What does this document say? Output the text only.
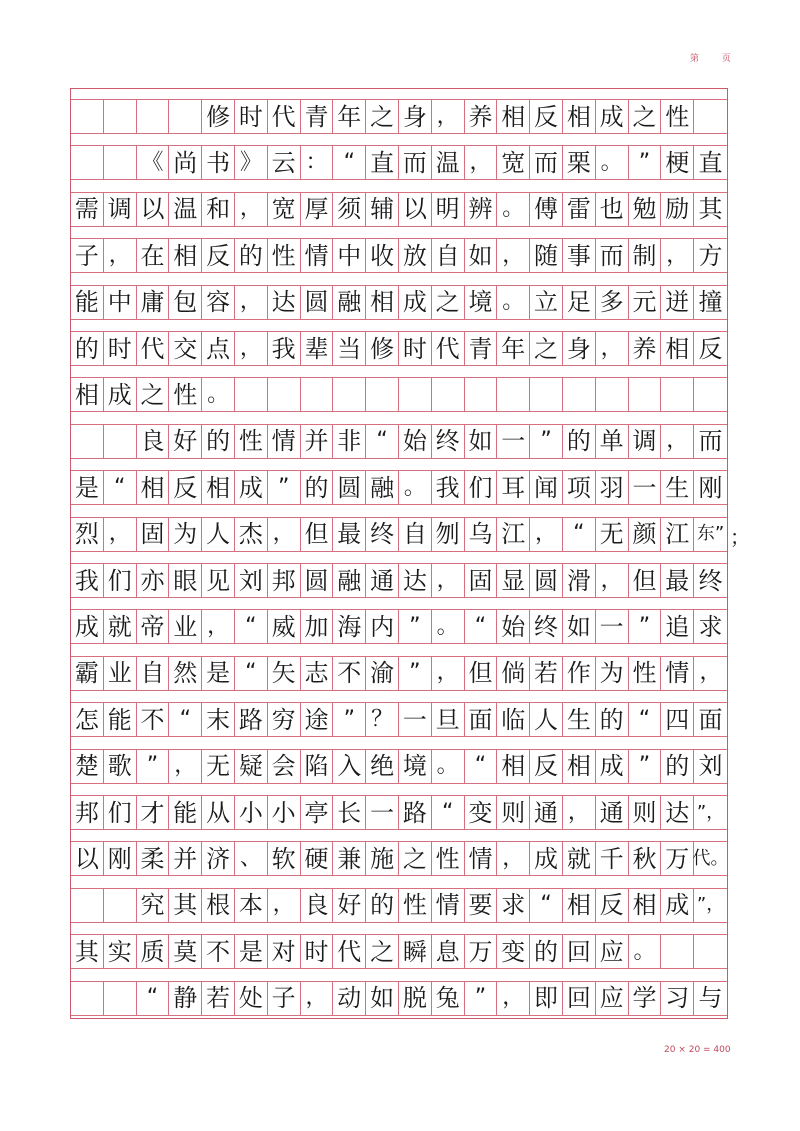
第 页
修 时 代 青 年 之 身 ， 养 相 反 相 成 之 性
《 尚 书 》 云 ： “ 直 而 温 ， 宽 而 栗 。 ” 梗 直
需 调 以 温 和 ， 宽 厚 须 辅 以 明 辨 。 傅 雷 也 勉 励 其
子 ， 在 相 反 的 性 情 中 收 放 自 如 ， 随 事 而 制 ， 方
能 中 庸 包 容 ， 达 圆 融 相 成 之 境 。 立 足 多 元 迸 撞
的 时 代 交 点 ， 我 辈 当 修 时 代 青 年 之 身 ， 养 相 反
相 成 之 性 。
良 好 的 性 情 并 非 “ 始 终 如 一 ” 的 单 调 ， 而
是 “ 相 反 相 成 ” 的 圆 融 。 我 们 耳 闻 项 羽 一 生 刚
烈 ， 固 为 人 杰 ， 但 最 终 自 刎 乌 江 ， “ 无 颜 江 东”
我 们 亦 眼 见 刘 邦 圆 融 通 达 ， 固 显 圆 滑 ， 但 最 终
成 就 帝 业 ， “ 威 加 海 内 ” 。 “ 始 终 如 一 ” 追 求
霸 业 自 然 是 “ 矢 志 不 渝 ” ， 但 倘 若 作 为 性 情 ，
怎 能 不 “ 末 路 穷 途 ” ？ 一 旦 面 临 人 生 的 “ 四 面
楚 歌 ” ， 无 疑 会 陷 入 绝 境 。 “ 相 反 相 成 ” 的 刘
邦 们 才 能 从 小 小 亭 长 一 路 “ 变 则 通 ， 通 则 达 ”，
以 刚 柔 并 济 、 软 硬 兼 施 之 性 情 ， 成 就 千 秋 万 代。
究 其 根 本 ， 良 好 的 性 情 要 求 “ 相 反 相 成 ”，
其 实 质 莫 不 是 对 时 代 之 瞬 息 万 变 的 回 应 。
“ 静 若 处 子 ， 动 如 脱 兔 ” ， 即 回 应 学 习 与
20 × 20 = 400
；
